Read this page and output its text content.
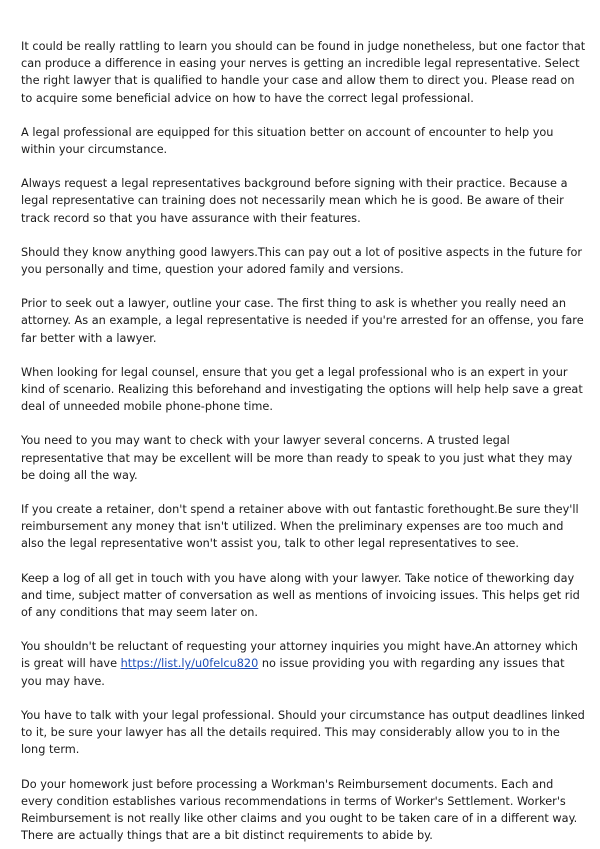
It could be really rattling to learn you should can be found in judge nonetheless, but one factor that can produce a difference in easing your nerves is getting an incredible legal representative. Select the right lawyer that is qualified to handle your case and allow them to direct you. Please read on to acquire some beneficial advice on how to have the correct legal professional.

A legal professional are equipped for this situation better on account of encounter to help you within your circumstance.

Always request a legal representatives background before signing with their practice. Because a legal representative can training does not necessarily mean which he is good. Be aware of their track record so that you have assurance with their features.

Should they know anything good lawyers.This can pay out a lot of positive aspects in the future for you personally and time, question your adored family and versions.

Prior to seek out a lawyer, outline your case. The first thing to ask is whether you really need an attorney. As an example, a legal representative is needed if you're arrested for an offense, you fare far better with a lawyer.

When looking for legal counsel, ensure that you get a legal professional who is an expert in your kind of scenario. Realizing this beforehand and investigating the options will help help save a great deal of unneeded mobile phone-phone time.

You need to you may want to check with your lawyer several concerns. A trusted legal representative that may be excellent will be more than ready to speak to you just what they may be doing all the way.

If you create a retainer, don't spend a retainer above with out fantastic forethought.Be sure they'll reimbursement any money that isn't utilized. When the preliminary expenses are too much and also the legal representative won't assist you, talk to other legal representatives to see.

Keep a log of all get in touch with you have along with your lawyer. Take notice of theworking day and time, subject matter of conversation as well as mentions of invoicing issues. This helps get rid of any conditions that may seem later on.

You shouldn't be reluctant of requesting your attorney inquiries you might have.An attorney which is great will have https://list.ly/u0felcu820 no issue providing you with regarding any issues that you may have.

You have to talk with your legal professional. Should your circumstance has output deadlines linked to it, be sure your lawyer has all the details required. This may considerably allow you to in the long term.

Do your homework just before processing a Workman's Reimbursement documents. Each and every condition establishes various recommendations in terms of Worker's Settlement. Worker's Reimbursement is not really like other claims and you ought to be taken care of in a different way. There are actually things that are a bit distinct requirements to abide by.
